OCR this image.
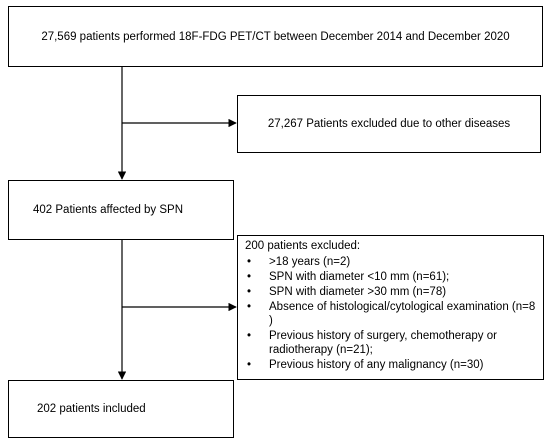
27,569 patients performed 18F-FDG PET/CT between December 2014 and December 2020
27,267 Patients excluded due to other diseases
402 Patients affected by SPN
200 patients excluded:
• >18 years (n=2)
• SPN with diameter <10 mm (n=61);
• SPN with diameter >30 mm (n=78)
• Absence of histological/cytological examination (n=8 )
• Previous history of surgery, chemotherapy or radiotherapy (n=21);
• Previous history of any malignancy (n=30)
202 patients included
